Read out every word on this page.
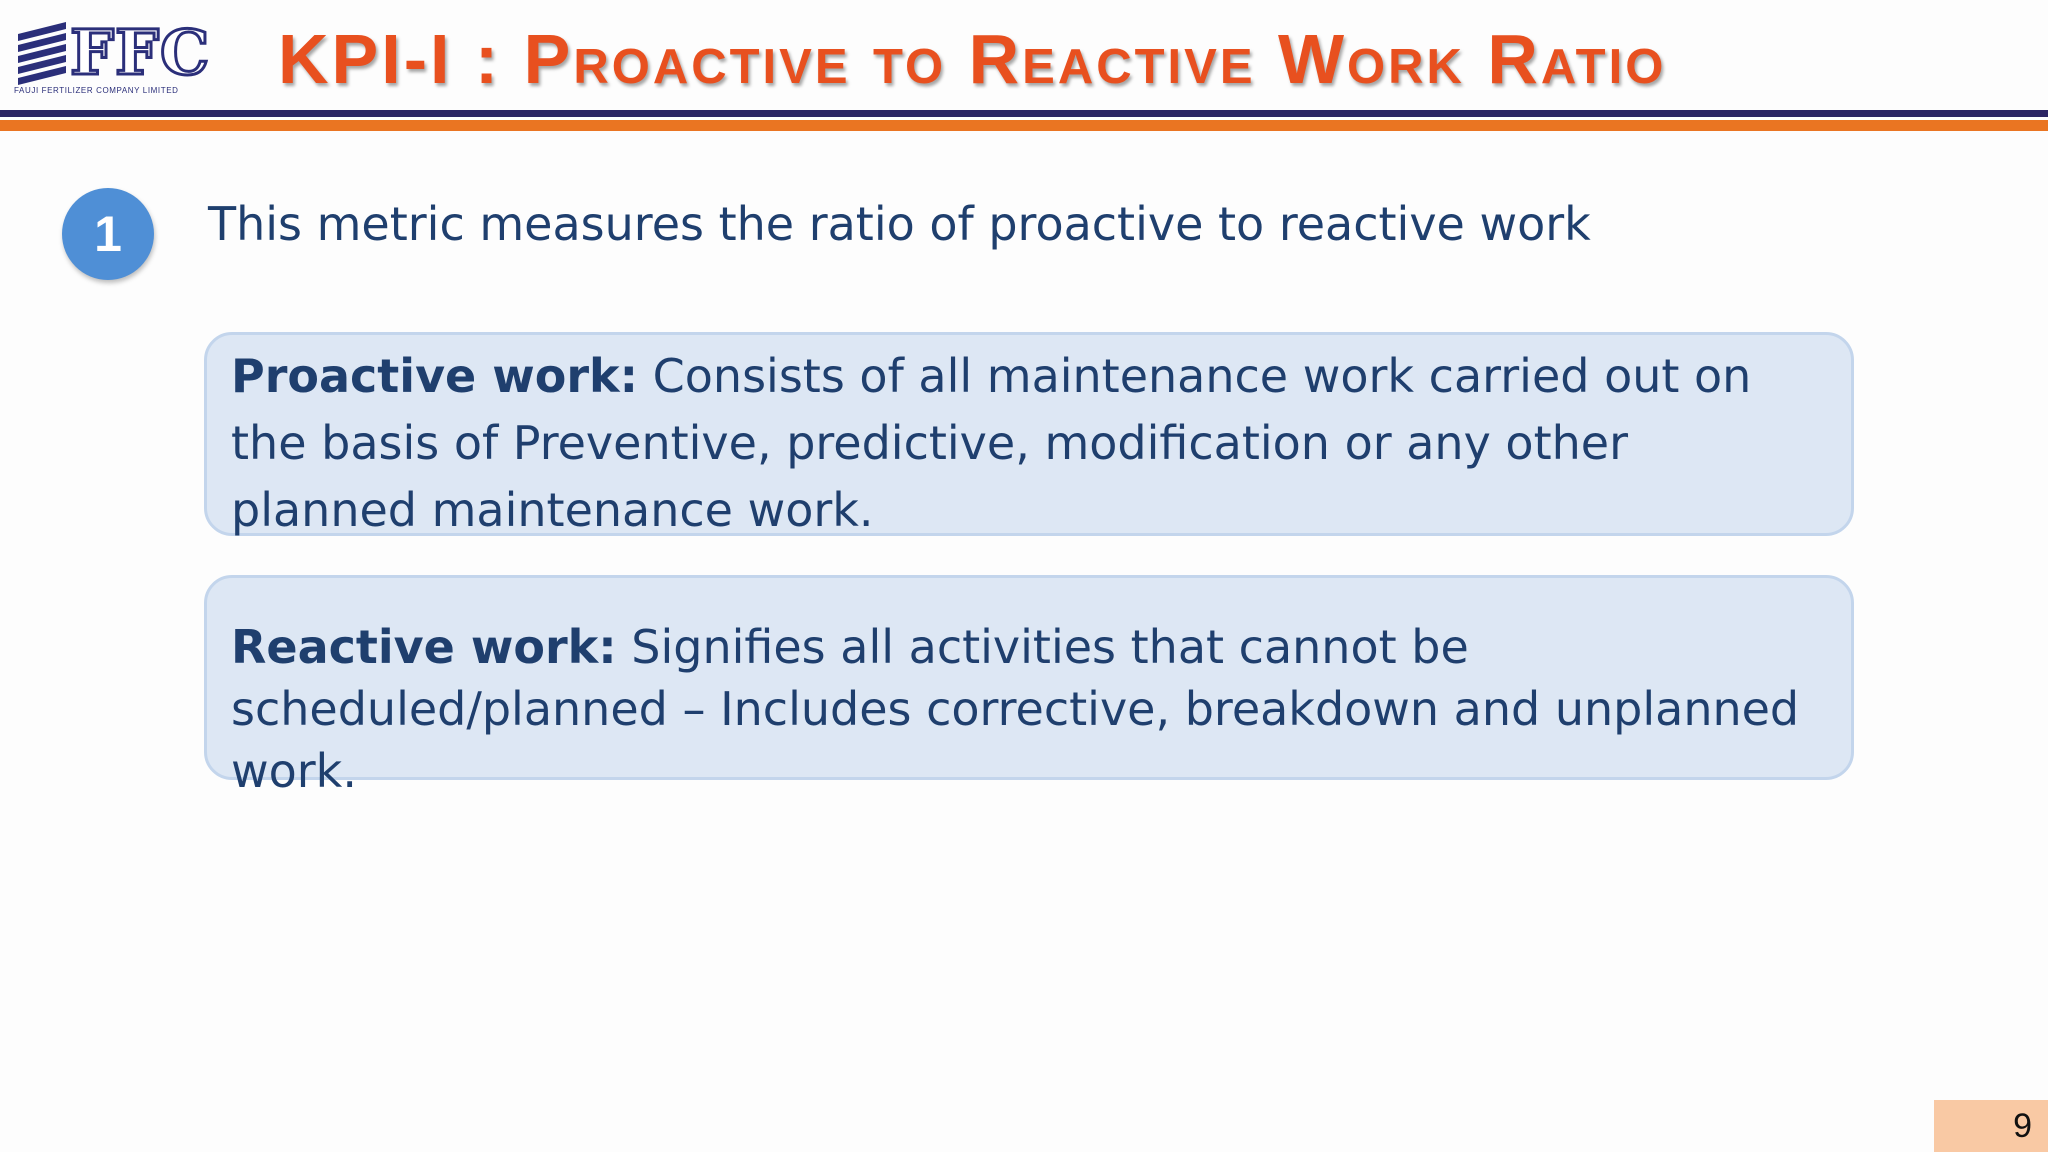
FFC
FAUJI FERTILIZER COMPANY LIMITED	KPI-I : Proactive to Reactive Work Ratio
1	This metric measures the ratio of proactive to reactive work
Proactive work: Consists of all maintenance work carried out on the basis of Preventive, predictive, modification or any other planned maintenance work.
Reactive work: Signifies all activities that cannot be scheduled/planned – Includes corrective, breakdown and unplanned work.
9
